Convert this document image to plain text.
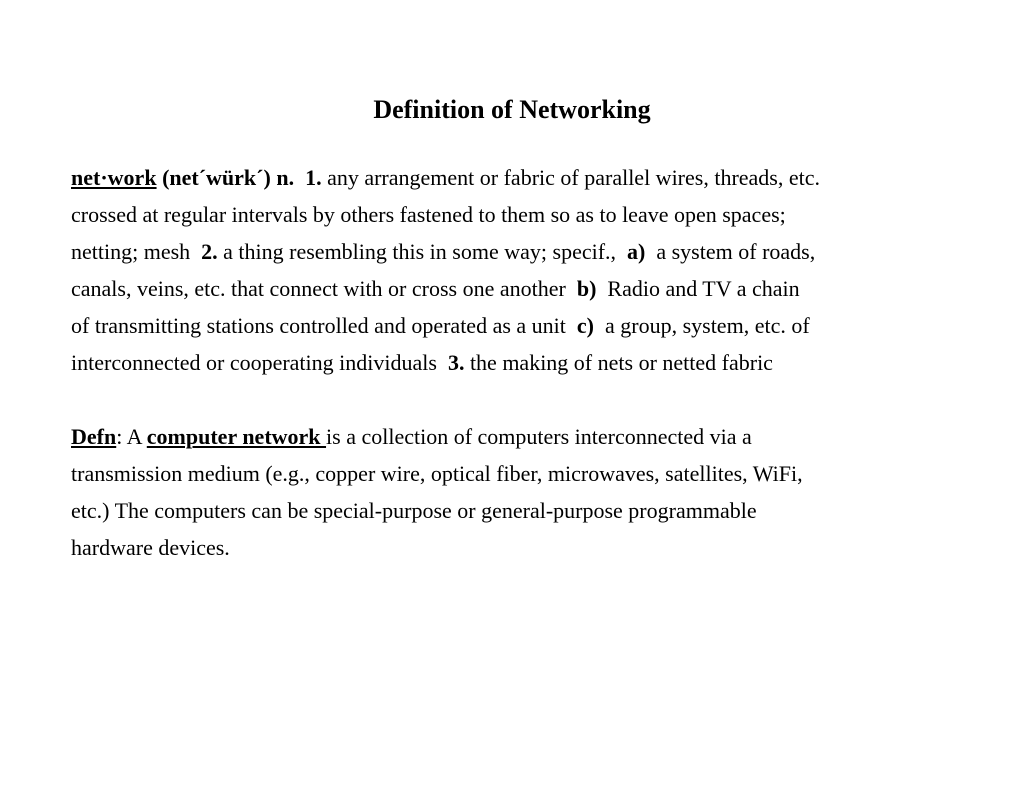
Definition of Networking

net·work (net´würk´) n. 1. any arrangement or fabric of parallel wires, threads, etc.
crossed at regular intervals by others fastened to them so as to leave open spaces;
netting; mesh 2. a thing resembling this in some way; specif., a) a system of roads,
canals, veins, etc. that connect with or cross one another b) Radio and TV a chain
of transmitting stations controlled and operated as a unit c) a group, system, etc. of
interconnected or cooperating individuals 3. the making of nets or netted fabric

Defn: A computer network is a collection of computers interconnected via a
transmission medium (e.g., copper wire, optical fiber, microwaves, satellites, WiFi,
etc.) The computers can be special-purpose or general-purpose programmable
hardware devices.
